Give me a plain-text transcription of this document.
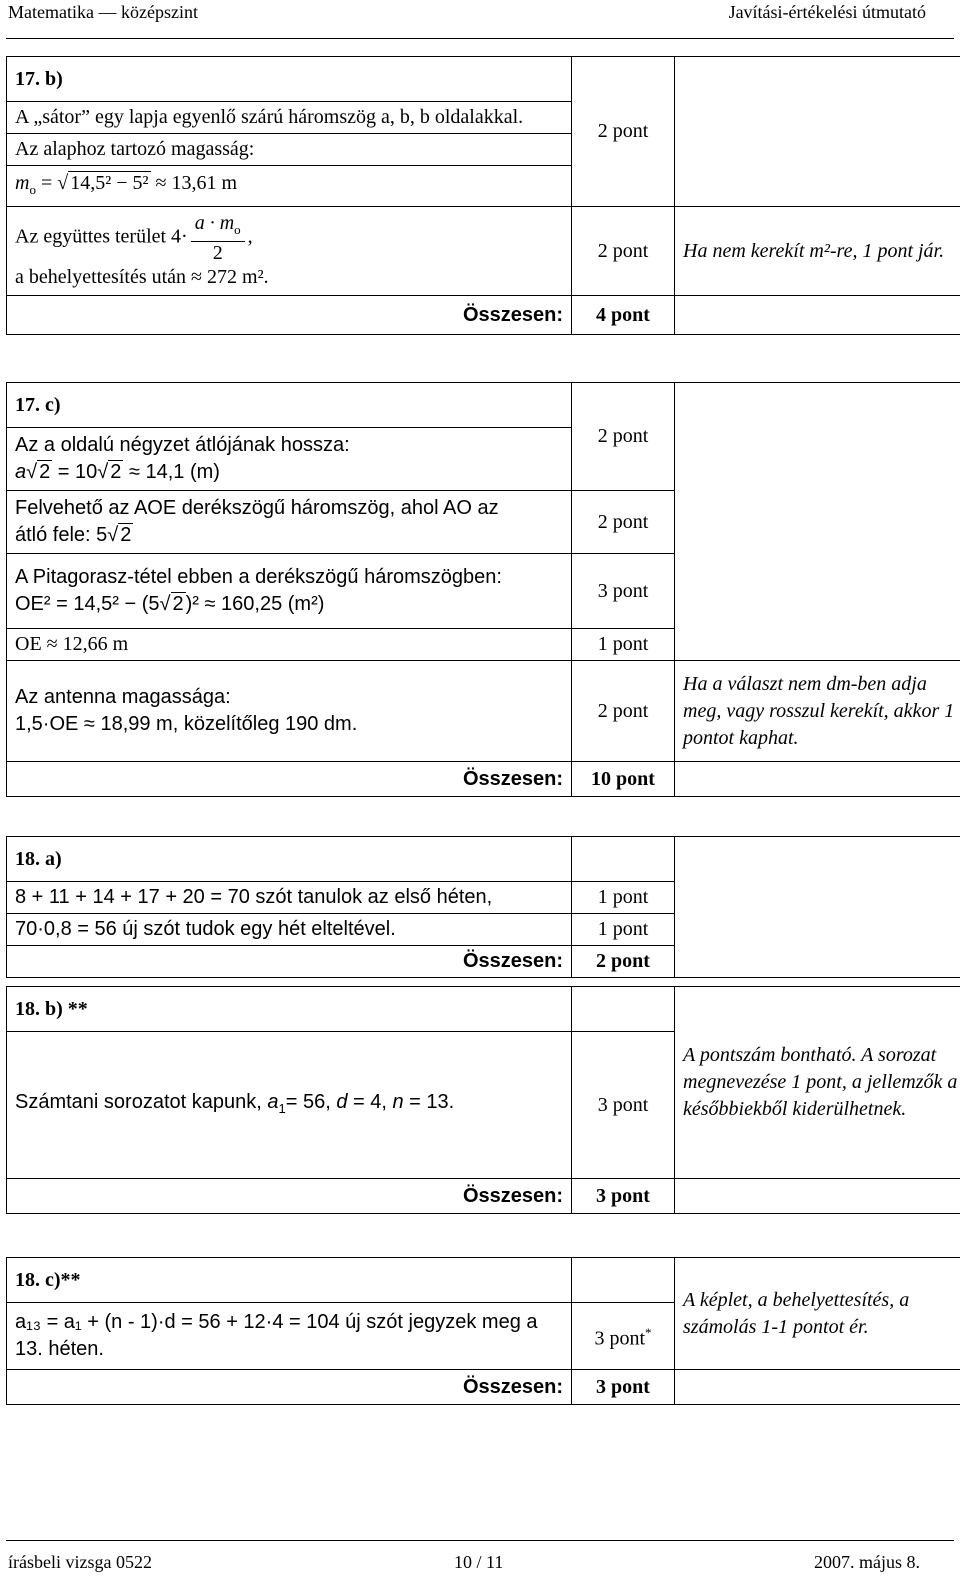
Matematika — középszint	Javítási-értékelési útmutató
17. b)	2 pont	
A „sátor” egy lapja egyenlő szárú háromszög a, b, b oldalakkal.		
Az alaphoz tartozó magasság:		
$m_o$ = √ 14,5² − 5² ≈ 13,61 m		
Az együttes terület $4\cdot \frac{a \cdot m_o}{2}$ ,
a behelyettesítés után ≈ 272 m².	2 pont	Ha nem kerekít m²-re, 1 pont jár.
Összesen:	4 pont	
17. c)	2 pont	
Az a oldalú négyzet átlójának hossza:
a√ 2 = 10√ 2 ≈ 14,1 (m)		
Felvehető az AOE derékszögű háromszög, ahol AO az
átló fele: 5√ 2	2 pont	
A Pitagorasz-tétel ebben a derékszögű háromszögben:
OE² = 14,5² − (5√ 2 )² ≈ 160,25 (m²)	3 pont	
OE ≈ 12,66 m	1 pont	
Az antenna magassága:
1,5·OE ≈ 18,99 m, közelítőleg 190 dm.	2 pont	Ha a választ nem dm-ben adja meg, vagy rosszul kerekít, akkor 1 pontot kaphat.
Összesen:	10 pont	
18. a)		
8 + 11 + 14 + 17 + 20 = 70 szót tanulok az első héten,	1 pont	
70·0,8 = 56 új szót tudok egy hét elteltével.	1 pont	
Összesen:	2 pont	
18. b) **		A pontszám bontható. A sorozat megnevezése 1 pont, a jellemzők a későbbiekből kiderülhetnek.
Számtani sorozatot kapunk, $a_1= 56$, d = 4, n = 13.	3 pont	
Összesen:	3 pont	
18. c)**		A képlet, a behelyettesítés, a számolás 1-1 pontot ér.
a₁₃ = a₁ + (n - 1)·d = 56 + 12·4 = 104 új szót jegyzek meg a 13. héten.	3 pont*
Összesen:	3 pont	
írásbeli vizsga 0522	10 / 11	2007. május 8.
